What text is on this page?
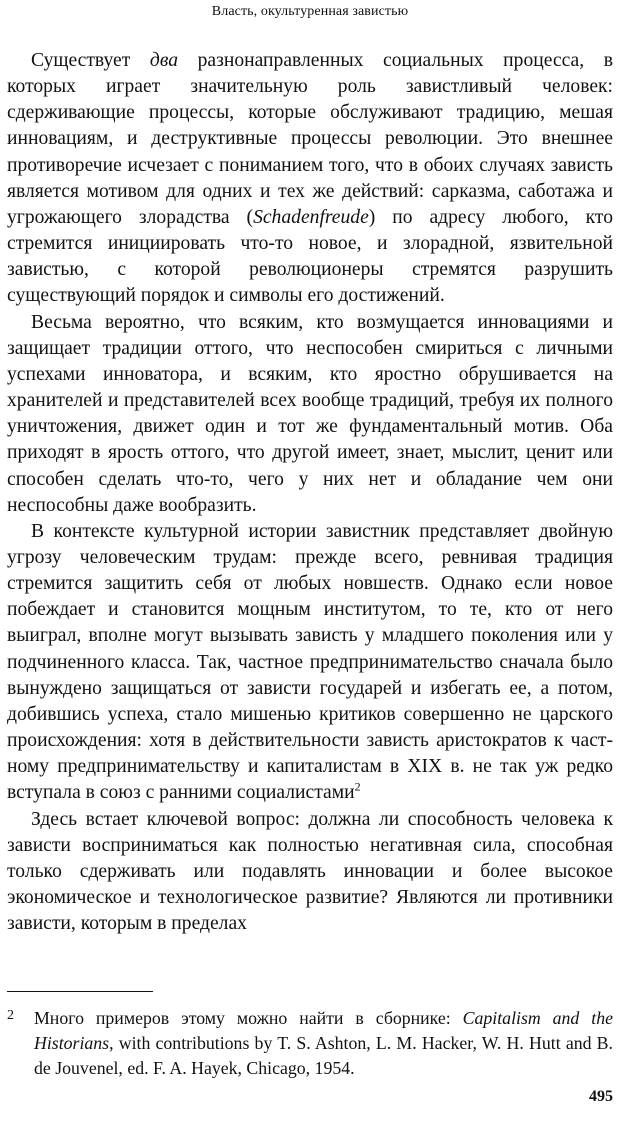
Власть, окультуренная завистью

Существует два разнонаправленных социальных процесса, в которых играет значительную роль завистливый человек: сдерживающие процессы, которые обслуживают традицию, мешая инновациям, и деструктивные процессы революции. Это внешнее противоречие исчезает с пониманием того, что в обоих случаях зависть является мотивом для одних и тех же действий: сарказма, саботажа и угрожающего злорадства (Schadenfreude) по адресу любого, кто стремится инициировать что-то новое, и злорадной, язвительной завистью, с которой революционеры стремятся разрушить существующий порядок и символы его достижений.

Весьма вероятно, что всяким, кто возмущается инновациями и защищает традиции оттого, что неспособен смириться с личными успехами инноватора, и всяким, кто яростно обрушивается на хранителей и представителей всех вообще традиций, требуя их полного уничтожения, движет один и тот же фундаментальный мотив. Оба приходят в ярость оттого, что другой имеет, знает, мыслит, ценит или способен сделать что-то, чего у них нет и обладание чем они неспособны даже вообразить.

В контексте культурной истории завистник представляет двойную угрозу человеческим трудам: прежде всего, ревнивая традиция стремится защитить себя от любых новшеств. Однако если новое побеждает и становится мощным институтом, то те, кто от него выиграл, вполне могут вызывать зависть у младшего поколения или у подчиненного класса. Так, частное предпринимательство сначала было вынуждено защищаться от зависти государей и избегать ее, а потом, добившись успеха, стало мишенью критиков совершенно не царского происхождения: хотя в действительности зависть аристократов к частному предпринимательству и капиталистам в XIX в. не так уж редко вступала в союз с ранними социалистами$^2$

Здесь встает ключевой вопрос: должна ли способность человека к зависти восприниматься как полностью негативная сила, способная только сдерживать или подавлять инновации и более высокое экономическое и технологическое развитие? Являются ли противники зависти, которым в пределах

2 Много примеров этому можно найти в сборнике: Capitalism and the Historians, with contributions by T. S. Ashton, L. M. Hacker, W. H. Hutt and B. de Jouvenel, ed. F. A. Hayek, Chicago, 1954.
495
